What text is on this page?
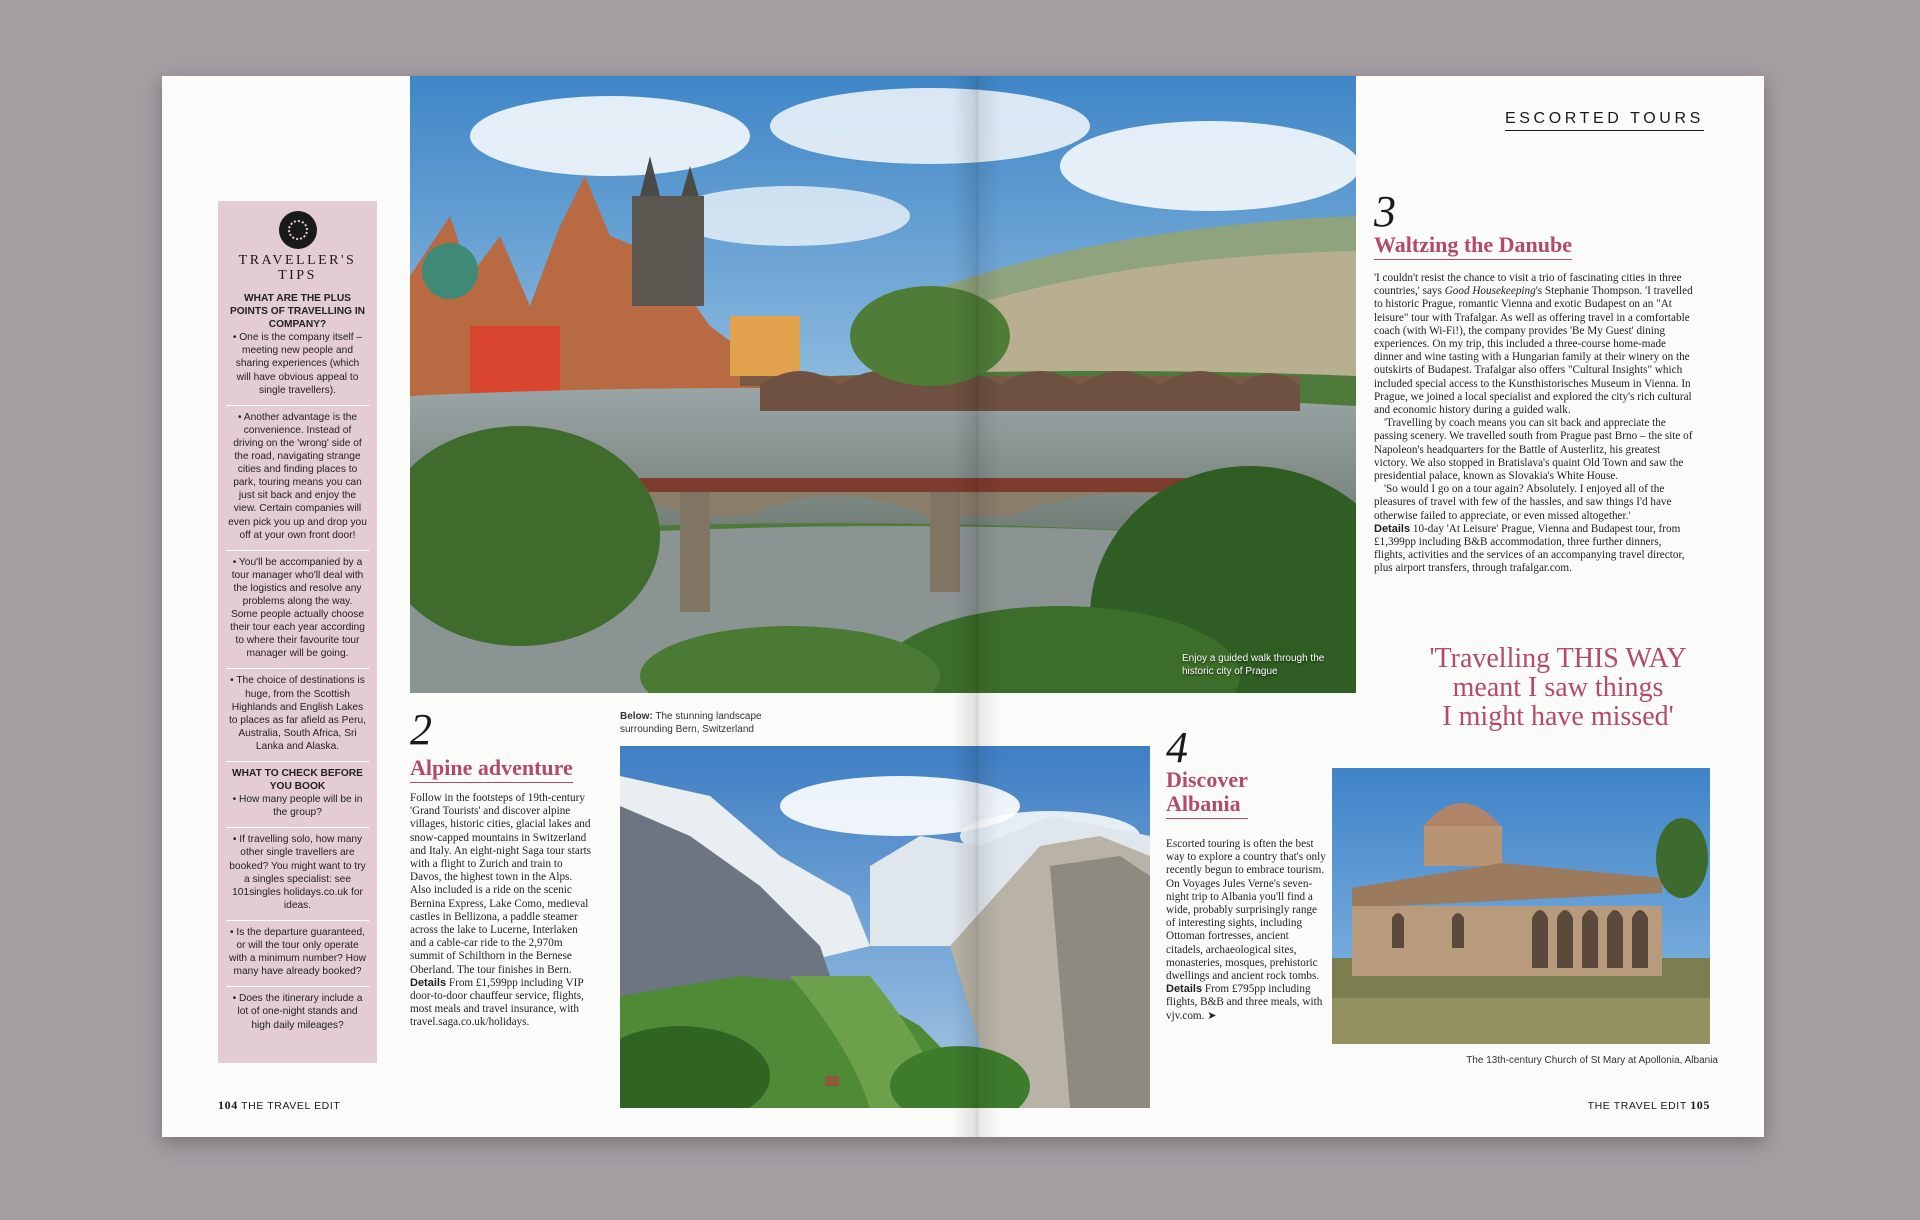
TRAVELLER'S TIPS
WHAT ARE THE PLUS POINTS OF TRAVELLING IN COMPANY?

• One is the company itself – meeting new people and sharing experiences (which will have obvious appeal to single travellers).

• Another advantage is the convenience. Instead of driving on the 'wrong' side of the road, navigating strange cities and finding places to park, touring means you can just sit back and enjoy the view. Certain companies will even pick you up and drop you off at your own front door!

• You'll be accompanied by a tour manager who'll deal with the logistics and resolve any problems along the way. Some people actually choose their tour each year according to where their favourite tour manager will be going.

• The choice of destinations is huge, from the Scottish Highlands and English Lakes to places as far afield as Peru, Australia, South Africa, Sri Lanka and Alaska.

WHAT TO CHECK BEFORE YOU BOOK

• How many people will be in the group?

• If travelling solo, how many other single travellers are booked? You might want to try a singles specialist: see 101singles holidays.co.uk for ideas.

• Is the departure guaranteed, or will the tour only operate with a minimum number? How many have already booked?

• Does the itinerary include a lot of one-night stands and high daily mileages?

Enjoy a guided walk through the historic city of Prague
ESCORTED TOURS
2
Alpine adventure

Follow in the footsteps of 19th-century 'Grand Tourists' and discover alpine villages, historic cities, glacial lakes and snow-capped mountains in Switzerland and Italy. An eight-night Saga tour starts with a flight to Zurich and train to Davos, the highest town in the Alps. Also included is a ride on the scenic Bernina Express, Lake Como, medieval castles in Bellizona, a paddle steamer across the lake to Lucerne, Interlaken and a cable-car ride to the 2,970m summit of Schilthorn in the Bernese Oberland. The tour finishes in Bern.

Details From £1,599pp including VIP door-to-door chauffeur service, flights, most meals and travel insurance, with travel.saga.co.uk/holidays.

Below: The stunning landscape surrounding Bern, Switzerland
3
Waltzing the Danube

'I couldn't resist the chance to visit a trio of fascinating cities in three countries,' says Good Housekeeping's Stephanie Thompson. 'I travelled to historic Prague, romantic Vienna and exotic Budapest on an "At leisure" tour with Trafalgar. As well as offering travel in a comfortable coach (with Wi-Fi!), the company provides 'Be My Guest' dining experiences. On my trip, this included a three-course home-made dinner and wine tasting with a Hungarian family at their winery on the outskirts of Budapest. Trafalgar also offers "Cultural Insights" which included special access to the Kunsthistorisches Museum in Vienna. In Prague, we joined a local specialist and explored the city's rich cultural and economic history during a guided walk.

'Travelling by coach means you can sit back and appreciate the passing scenery. We travelled south from Prague past Brno – the site of Napoleon's headquarters for the Battle of Austerlitz, his greatest victory. We also stopped in Bratislava's quaint Old Town and saw the presidential palace, known as Slovakia's White House.

'So would I go on a tour again? Absolutely. I enjoyed all of the pleasures of travel with few of the hassles, and saw things I'd have otherwise failed to appreciate, or even missed altogether.'

Details 10-day 'At Leisure' Prague, Vienna and Budapest tour, from £1,399pp including B&B accommodation, three further dinners, flights, activities and the services of an accompanying travel director, plus airport transfers, through trafalgar.com.

'Travelling THIS WAY
meant I saw things
I might have missed'
4
Discover
Albania

Escorted touring is often the best way to explore a country that's only recently begun to embrace tourism. On Voyages Jules Verne's seven-night trip to Albania you'll find a wide, probably surprisingly range of interesting sights, including Ottoman fortresses, ancient citadels, archaeological sites, monasteries, mosques, prehistoric dwellings and ancient rock tombs.

Details From £795pp including flights, B&B and three meals, with vjv.com. ➤

The 13th-century Church of St Mary at Apollonia, Albania
104 THE TRAVEL EDIT	THE TRAVEL EDIT 105
